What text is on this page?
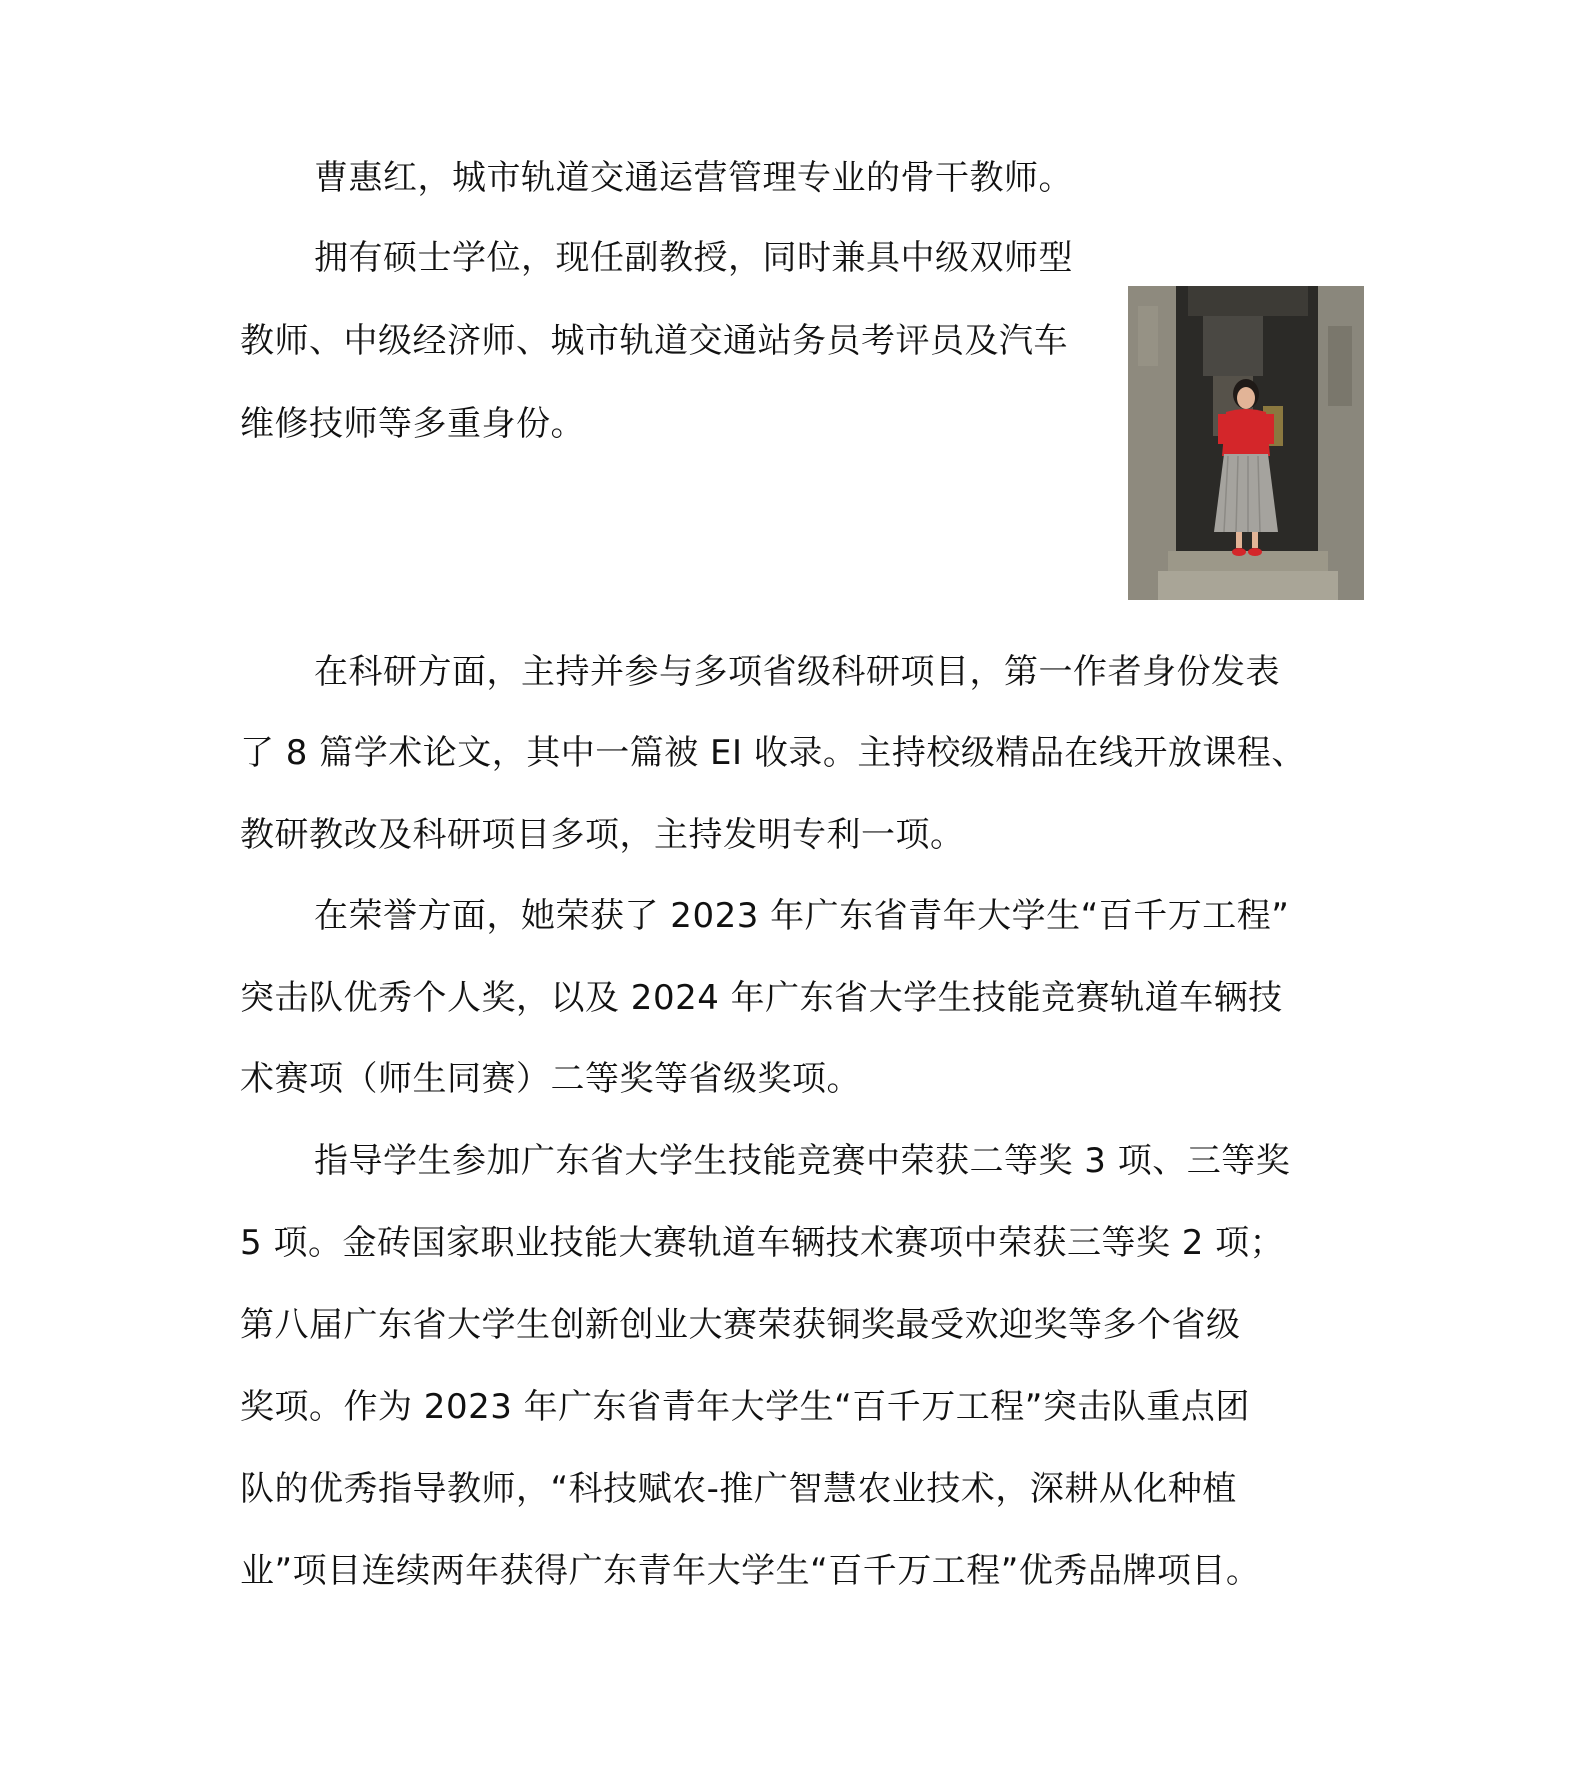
曹惠红，城市轨道交通运营管理专业的骨干教师。
拥有硕士学位，现任副教授，同时兼具中级双师型
教师、中级经济师、城市轨道交通站务员考评员及汽车
维修技师等多重身份。
在科研方面，主持并参与多项省级科研项目，第一作者身份发表
了 8 篇学术论文，其中一篇被 EI 收录。主持校级精品在线开放课程、
教研教改及科研项目多项，主持发明专利一项。
在荣誉方面，她荣获了 2023 年广东省青年大学生“百千万工程”
突击队优秀个人奖，以及 2024 年广东省大学生技能竞赛轨道车辆技
术赛项（师生同赛）二等奖等省级奖项。
指导学生参加广东省大学生技能竞赛中荣获二等奖 3 项、三等奖
5 项。金砖国家职业技能大赛轨道车辆技术赛项中荣获三等奖 2 项；
第八届广东省大学生创新创业大赛荣获铜奖最受欢迎奖等多个省级
奖项。作为 2023 年广东省青年大学生“百千万工程”突击队重点团
队的优秀指导教师，“科技赋农-推广智慧农业技术，深耕从化种植
业”项目连续两年获得广东青年大学生“百千万工程”优秀品牌项目。
